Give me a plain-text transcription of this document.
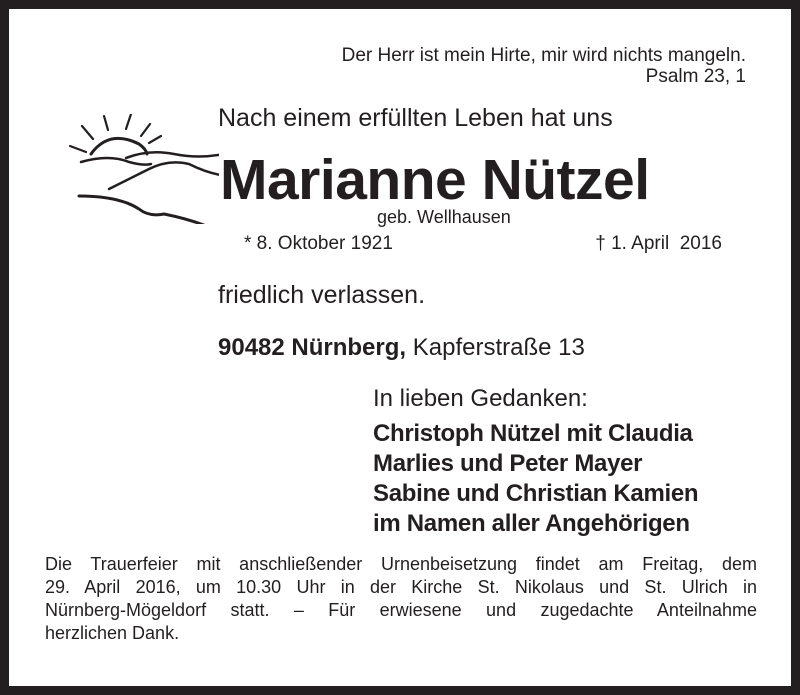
Der Herr ist mein Hirte, mir wird nichts mangeln.
Psalm 23, 1
Nach einem erfüllten Leben hat uns
Marianne Nützel
geb. Wellhausen
* 8. Oktober 1921	† 1. April  2016
friedlich verlassen.
90482 Nürnberg, Kapferstraße 13
In lieben Gedanken:
Christoph Nützel mit Claudia
Marlies und Peter Mayer
Sabine und Christian Kamien
im Namen aller Angehörigen
Die Trauerfeier mit anschließender Urnenbeisetzung findet am Freitag, dem
29. April 2016, um 10.30 Uhr in der Kirche St. Nikolaus und St. Ulrich in
Nürnberg-Mögeldorf statt. – Für erwiesene und zugedachte Anteilnahme
herzlichen Dank.
